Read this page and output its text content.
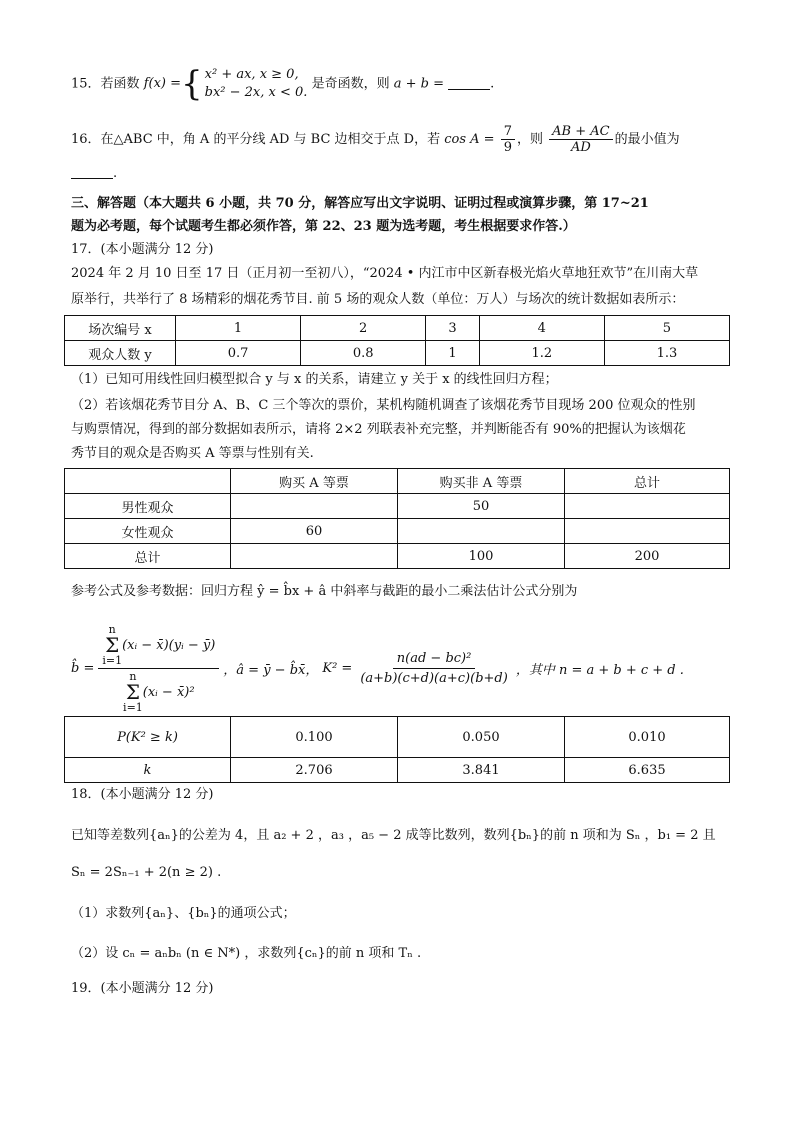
15．若函数 f(x) = { x² + ax, x ≥ 0,
bx² − 2x, x < 0.
是奇函数，则 a + b =	.
16．在△ABC 中，角 A 的平分线 AD 与 BC 边相交于点 D，若 $\cos A = \frac{7}{9}$ ，则 $\frac{AB + AC}{AD}$ 的最小值为
.
三、解答题（本大题共 6 小题，共 70 分，解答应写出文字说明、证明过程或演算步骤，第 17~21
题为必考题，每个试题考生都必须作答，第 22、23 题为选考题，考生根据要求作答.）
17．(本小题满分 12 分)
2024 年 2 月 10 日至 17 日（正月初一至初八），“2024 • 内江市中区新春极光焰火草地狂欢节”在川南大草
原举行，共举行了 8 场精彩的烟花秀节目. 前 5 场的观众人数（单位：万人）与场次的统计数据如表所示：
场次编号 x	1	2	3	4	5
观众人数 y	0.7	0.8	1	1.2	1.3
（1）已知可用线性回归模型拟合 y 与 x 的关系，请建立 y 关于 x 的线性回归方程；
（2）若该烟花秀节目分 A、B、C 三个等次的票价，某机构随机调查了该烟花秀节目现场 200 位观众的性别
与购票情况，得到的部分数据如表所示，请将 2×2 列联表补充完整，并判断能否有 90%的把握认为该烟花
秀节目的观众是否购买 A 等票与性别有关.
	购买 A 等票	购买非 A 等票	总计
男性观众		50	
女性观众	60		
总计		100	200
参考公式及参考数据：回归方程 ŷ = b̂x + â 中斜率与截距的最小二乘法估计公式分别为
b̂ =
n
Σ
i=1
(xᵢ − x̄)(yᵢ − ȳ)
n
Σ
i=1
(xᵢ − x̄)²
，â = ȳ − b̂x̄， $K^2 = \frac{\text{n(ad − bc)²}}{(a+b)(c+d)(a+c)(b+d)}$ ，其中 n = a + b + c + d .
P(K² ≥ k)	0.100	0.050	0.010
k	2.706	3.841	6.635
18．(本小题满分 12 分)
已知等差数列{aₙ}的公差为 4，且 a₂ + 2 ，a₃ ，a₅ − 2 成等比数列，数列{bₙ}的前 n 项和为 Sₙ ，b₁ = 2 且
Sₙ = 2Sₙ₋₁ + 2(n ≥ 2) .
（1）求数列{aₙ}、{bₙ}的通项公式；
（2）设 cₙ = aₙbₙ (n ∈ N*) ，求数列{cₙ}的前 n 项和 Tₙ .
19．(本小题满分 12 分)
